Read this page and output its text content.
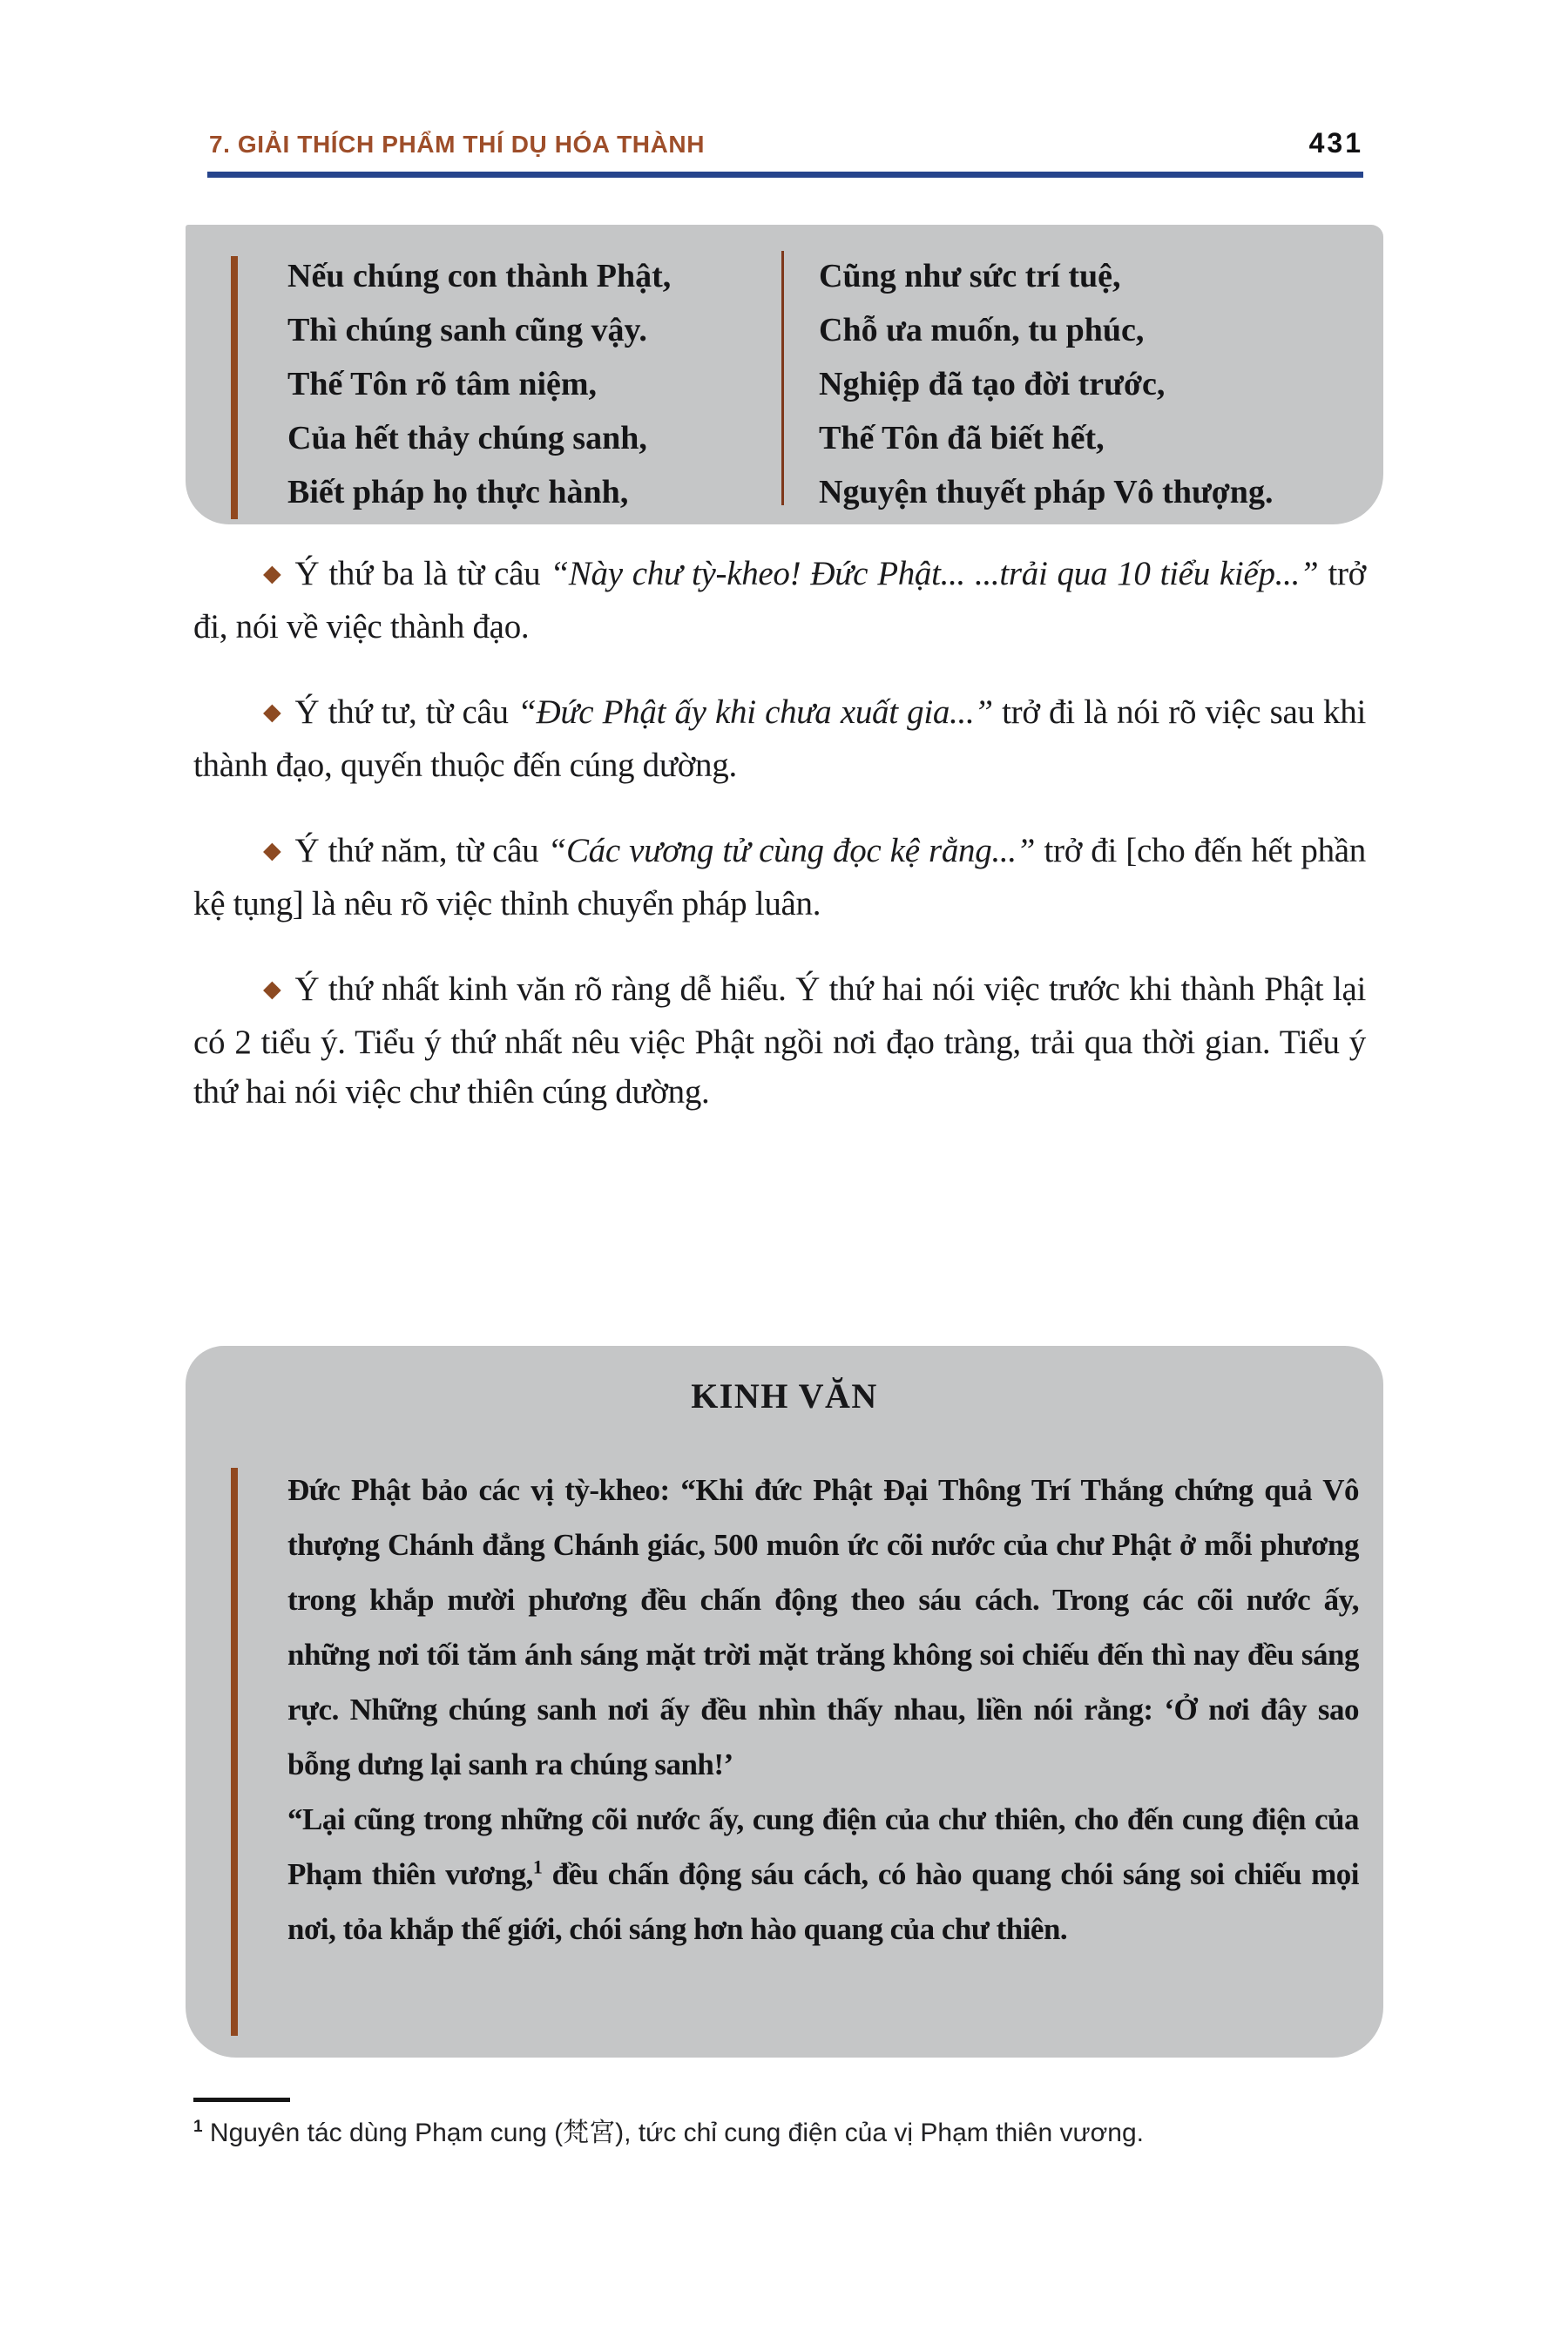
7. GIẢI THÍCH PHẨM THÍ DỤ HÓA THÀNH	431
Nếu chúng con thành Phật,
Thì chúng sanh cũng vậy.
Thế Tôn rõ tâm niệm,
Của hết thảy chúng sanh,
Biết pháp họ thực hành,
Cũng như sức trí tuệ,
Chỗ ưa muốn, tu phúc,
Nghiệp đã tạo đời trước,
Thế Tôn đã biết hết,
Nguyện thuyết pháp Vô thượng.

◆ Ý thứ ba là từ câu “Này chư tỳ-kheo! Đức Phật... ...trải qua 10 tiểu kiếp...” trở đi, nói về việc thành đạo.

◆ Ý thứ tư, từ câu “Đức Phật ấy khi chưa xuất gia...” trở đi là nói rõ việc sau khi thành đạo, quyến thuộc đến cúng dường.

◆ Ý thứ năm, từ câu “Các vương tử cùng đọc kệ rằng...” trở đi [cho đến hết phần kệ tụng] là nêu rõ việc thỉnh chuyển pháp luân.

◆ Ý thứ nhất kinh văn rõ ràng dễ hiểu. Ý thứ hai nói việc trước khi thành Phật lại có 2 tiểu ý. Tiểu ý thứ nhất nêu việc Phật ngồi nơi đạo tràng, trải qua thời gian. Tiểu ý thứ hai nói việc chư thiên cúng dường.

KINH VĂN

Đức Phật bảo các vị tỳ-kheo: “Khi đức Phật Đại Thông Trí Thắng chứng quả Vô thượng Chánh đẳng Chánh giác, 500 muôn ức cõi nước của chư Phật ở mỗi phương trong khắp mười phương đều chấn động theo sáu cách. Trong các cõi nước ấy, những nơi tối tăm ánh sáng mặt trời mặt trăng không soi chiếu đến thì nay đều sáng rực. Những chúng sanh nơi ấy đều nhìn thấy nhau, liền nói rằng: ‘Ở nơi đây sao bỗng dưng lại sanh ra chúng sanh!’

“Lại cũng trong những cõi nước ấy, cung điện của chư thiên, cho đến cung điện của Phạm thiên vương,$^1$ đều chấn động sáu cách, có hào quang chói sáng soi chiếu mọi nơi, tỏa khắp thế giới, chói sáng hơn hào quang của chư thiên.

$^1$ Nguyên tác dùng Phạm cung (梵宮), tức chỉ cung điện của vị Phạm thiên vương.
